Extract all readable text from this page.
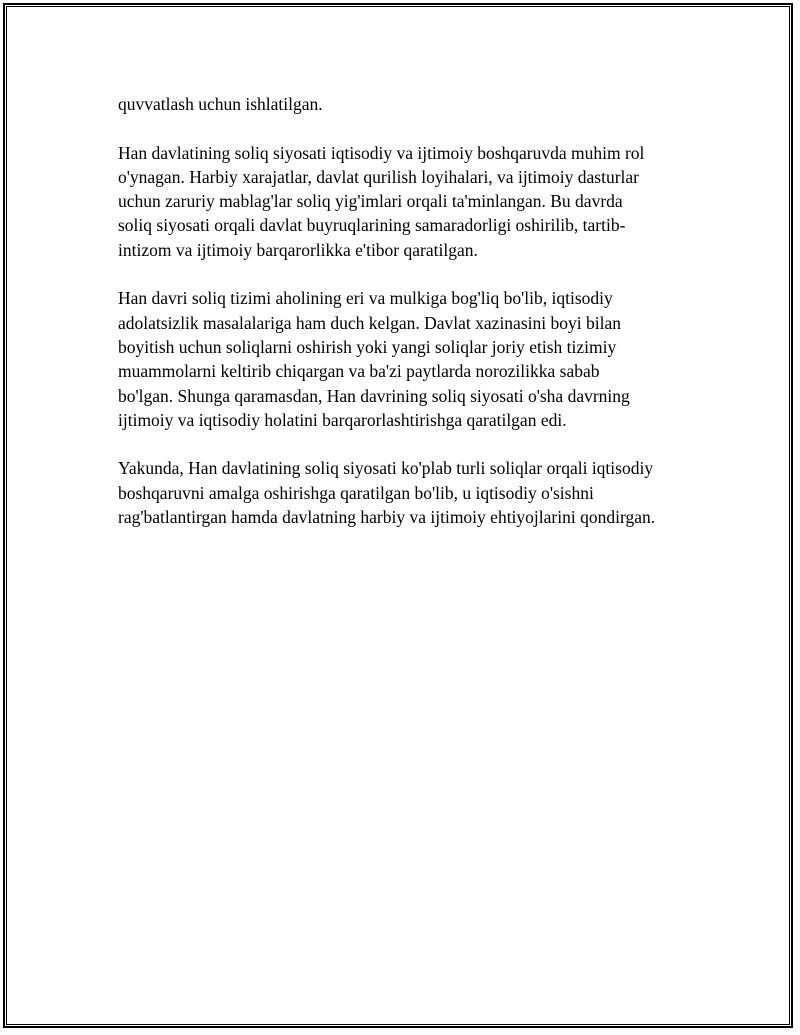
quvvatlash uchun ishlatilgan.

Han davlatining soliq siyosati iqtisodiy va ijtimoiy boshqaruvda muhim rol
o'ynagan. Harbiy xarajatlar, davlat qurilish loyihalari, va ijtimoiy dasturlar
uchun zaruriy mablag'lar soliq yig'imlari orqali ta'minlangan. Bu davrda
soliq siyosati orqali davlat buyruqlarining samaradorligi oshirilib, tartib-
intizom va ijtimoiy barqarorlikka e'tibor qaratilgan.

Han davri soliq tizimi aholining eri va mulkiga bog'liq bo'lib, iqtisodiy
adolatsizlik masalalariga ham duch kelgan. Davlat xazinasini boyi bilan
boyitish uchun soliqlarni oshirish yoki yangi soliqlar joriy etish tizimiy
muammolarni keltirib chiqargan va ba'zi paytlarda norozilikka sabab
bo'lgan. Shunga qaramasdan, Han davrining soliq siyosati o'sha davrning
ijtimoiy va iqtisodiy holatini barqarorlashtirishga qaratilgan edi.

Yakunda, Han davlatining soliq siyosati ko'plab turli soliqlar orqali iqtisodiy
boshqaruvni amalga oshirishga qaratilgan bo'lib, u iqtisodiy o'sishni
rag'batlantirgan hamda davlatning harbiy va ijtimoiy ehtiyojlarini qondirgan.
